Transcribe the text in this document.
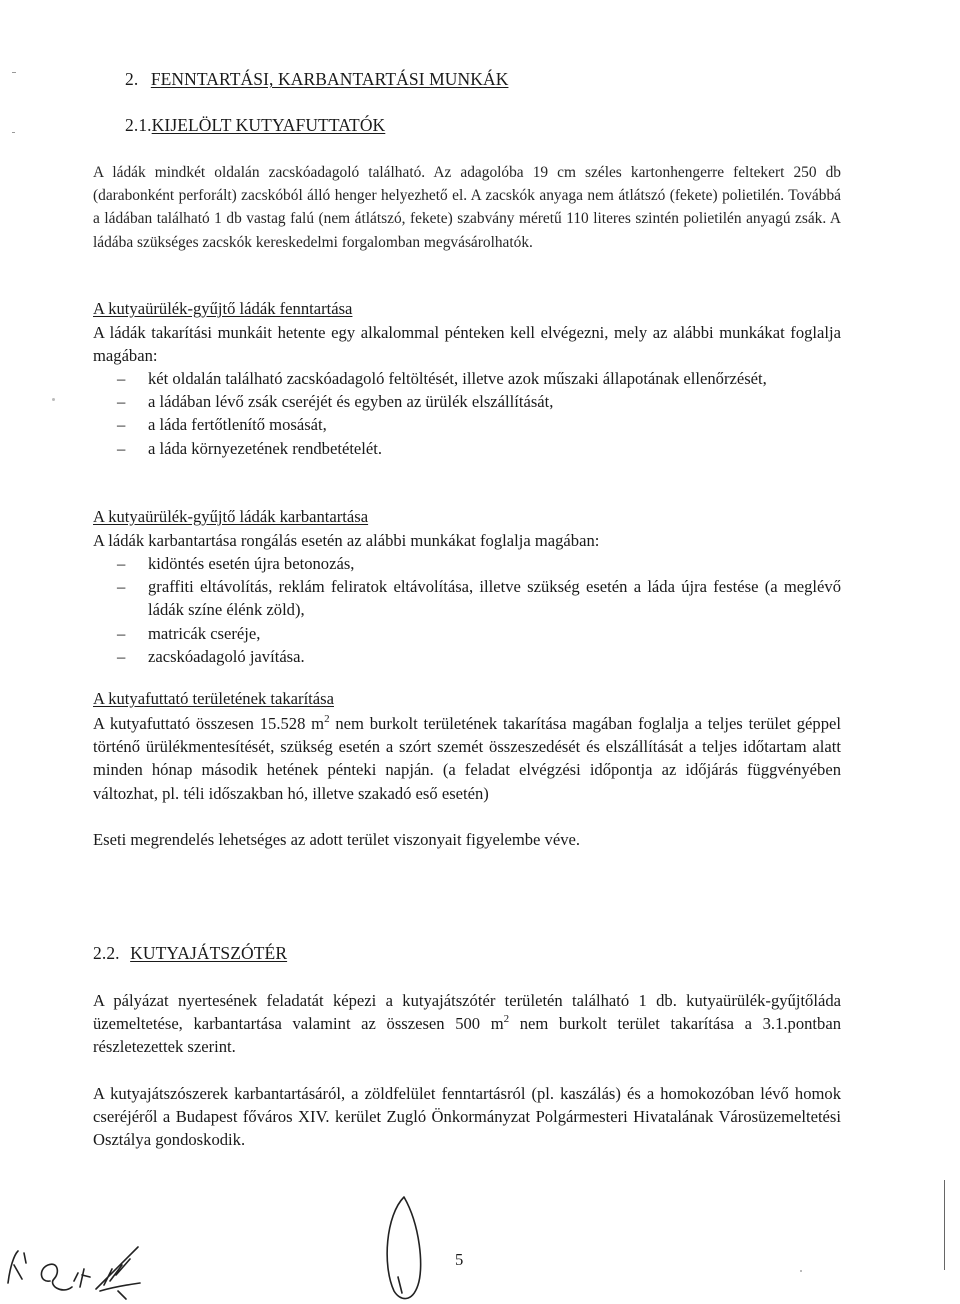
2. FENNTARTÁSI, KARBANTARTÁSI MUNKÁK
2.1.KIJELÖLT KUTYAFUTTATÓK
A ládák mindkét oldalán zacskóadagoló található. Az adagolóba 19 cm széles kartonhengerre feltekert 250 db (darabonként perforált) zacskóból álló henger helyezhető el. A zacskók anyaga nem átlátszó (fekete) polietilén. Továbbá a ládában található 1 db vastag falú (nem átlátszó, fekete) szabvány méretű 110 literes szintén polietilén anyagú zsák. A ládába szükséges zacskók kereskedelmi forgalomban megvásárolhatók.
A kutyaürülék-gyűjtő ládák fenntartása
A ládák takarítási munkáit hetente egy alkalommal pénteken kell elvégezni, mely az alábbi munkákat foglalja magában:
– két oldalán található zacskóadagoló feltöltését, illetve azok műszaki állapotának ellenőrzését,
– a ládában lévő zsák cseréjét és egyben az ürülék elszállítását,
– a láda fertőtlenítő mosását,
– a láda környezetének rendbetételét.
A kutyaürülék-gyűjtő ládák karbantartása
A ládák karbantartása rongálás esetén az alábbi munkákat foglalja magában:
– kidöntés esetén újra betonozás,
– graffiti eltávolítás, reklám feliratok eltávolítása, illetve szükség esetén a láda újra festése (a meglévő ládák színe élénk zöld),
– matricák cseréje,
– zacskóadagoló javítása.
A kutyafuttató területének takarítása
A kutyafuttató összesen 15.528 $m^2$ nem burkolt területének takarítása magában foglalja a teljes terület géppel történő ürülékmentesítését, szükség esetén a szórt szemét összeszedését és elszállítását a teljes időtartam alatt minden hónap második hetének pénteki napján. (a feladat elvégzési időpontja az időjárás függvényében változhat, pl. téli időszakban hó, illetve szakadó eső esetén)
Eseti megrendelés lehetséges az adott terület viszonyait figyelembe véve.
2.2. KUTYAJÁTSZÓTÉR
A pályázat nyertesének feladatát képezi a kutyajátszótér területén található 1 db. kutyaürülék-gyűjtőláda üzemeltetése, karbantartása valamint az összesen 500 $m^2$ nem burkolt terület takarítása a 3.1.pontban részletezettek szerint.
A kutyajátszószerek karbantartásáról, a zöldfelület fenntartásról (pl. kaszálás) és a homokozóban lévő homok cseréjéről a Budapest főváros XIV. kerület Zugló Önkormányzat Polgármesteri Hivatalának Városüzemeltetési Osztálya gondoskodik.
5
